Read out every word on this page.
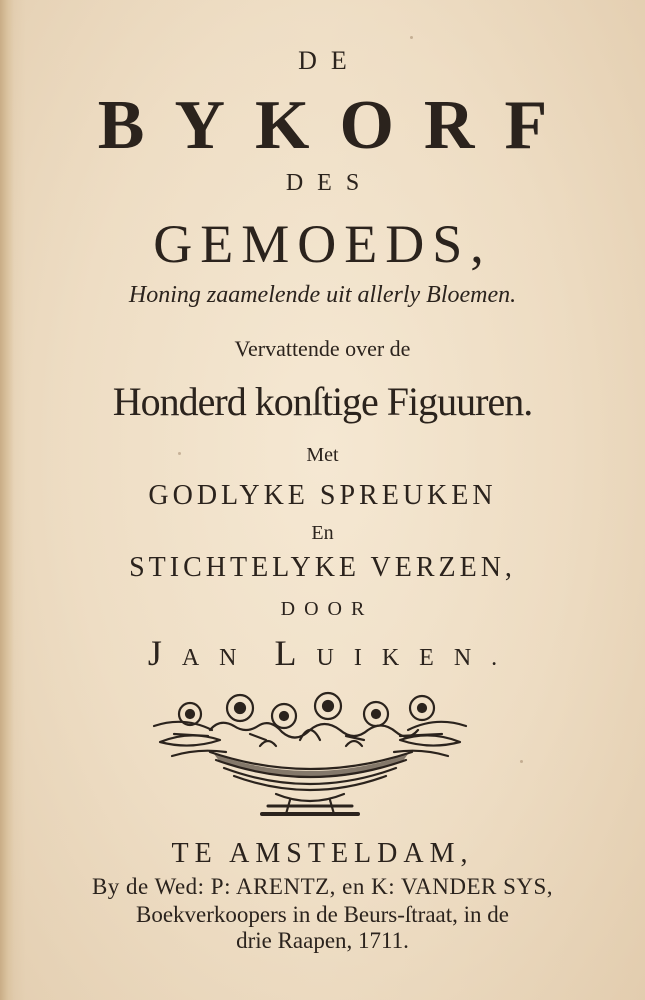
DE
BYKORF
DES
GEMOEDS,
Honing zaamelende uit allerly Bloemen.
Vervattende over de
Honderd konſtige Figuuren.
Met
GODLYKE SPREUKEN
En
STICHTELYKE VERZEN,
DOOR
JAN LUIKEN.
TE AMSTELDAM,
By de Wed: P: ARENTZ, en K: VANDER SYS,
Boekverkoopers in de Beurs-ſtraat, in de
drie Raapen, 1711.
